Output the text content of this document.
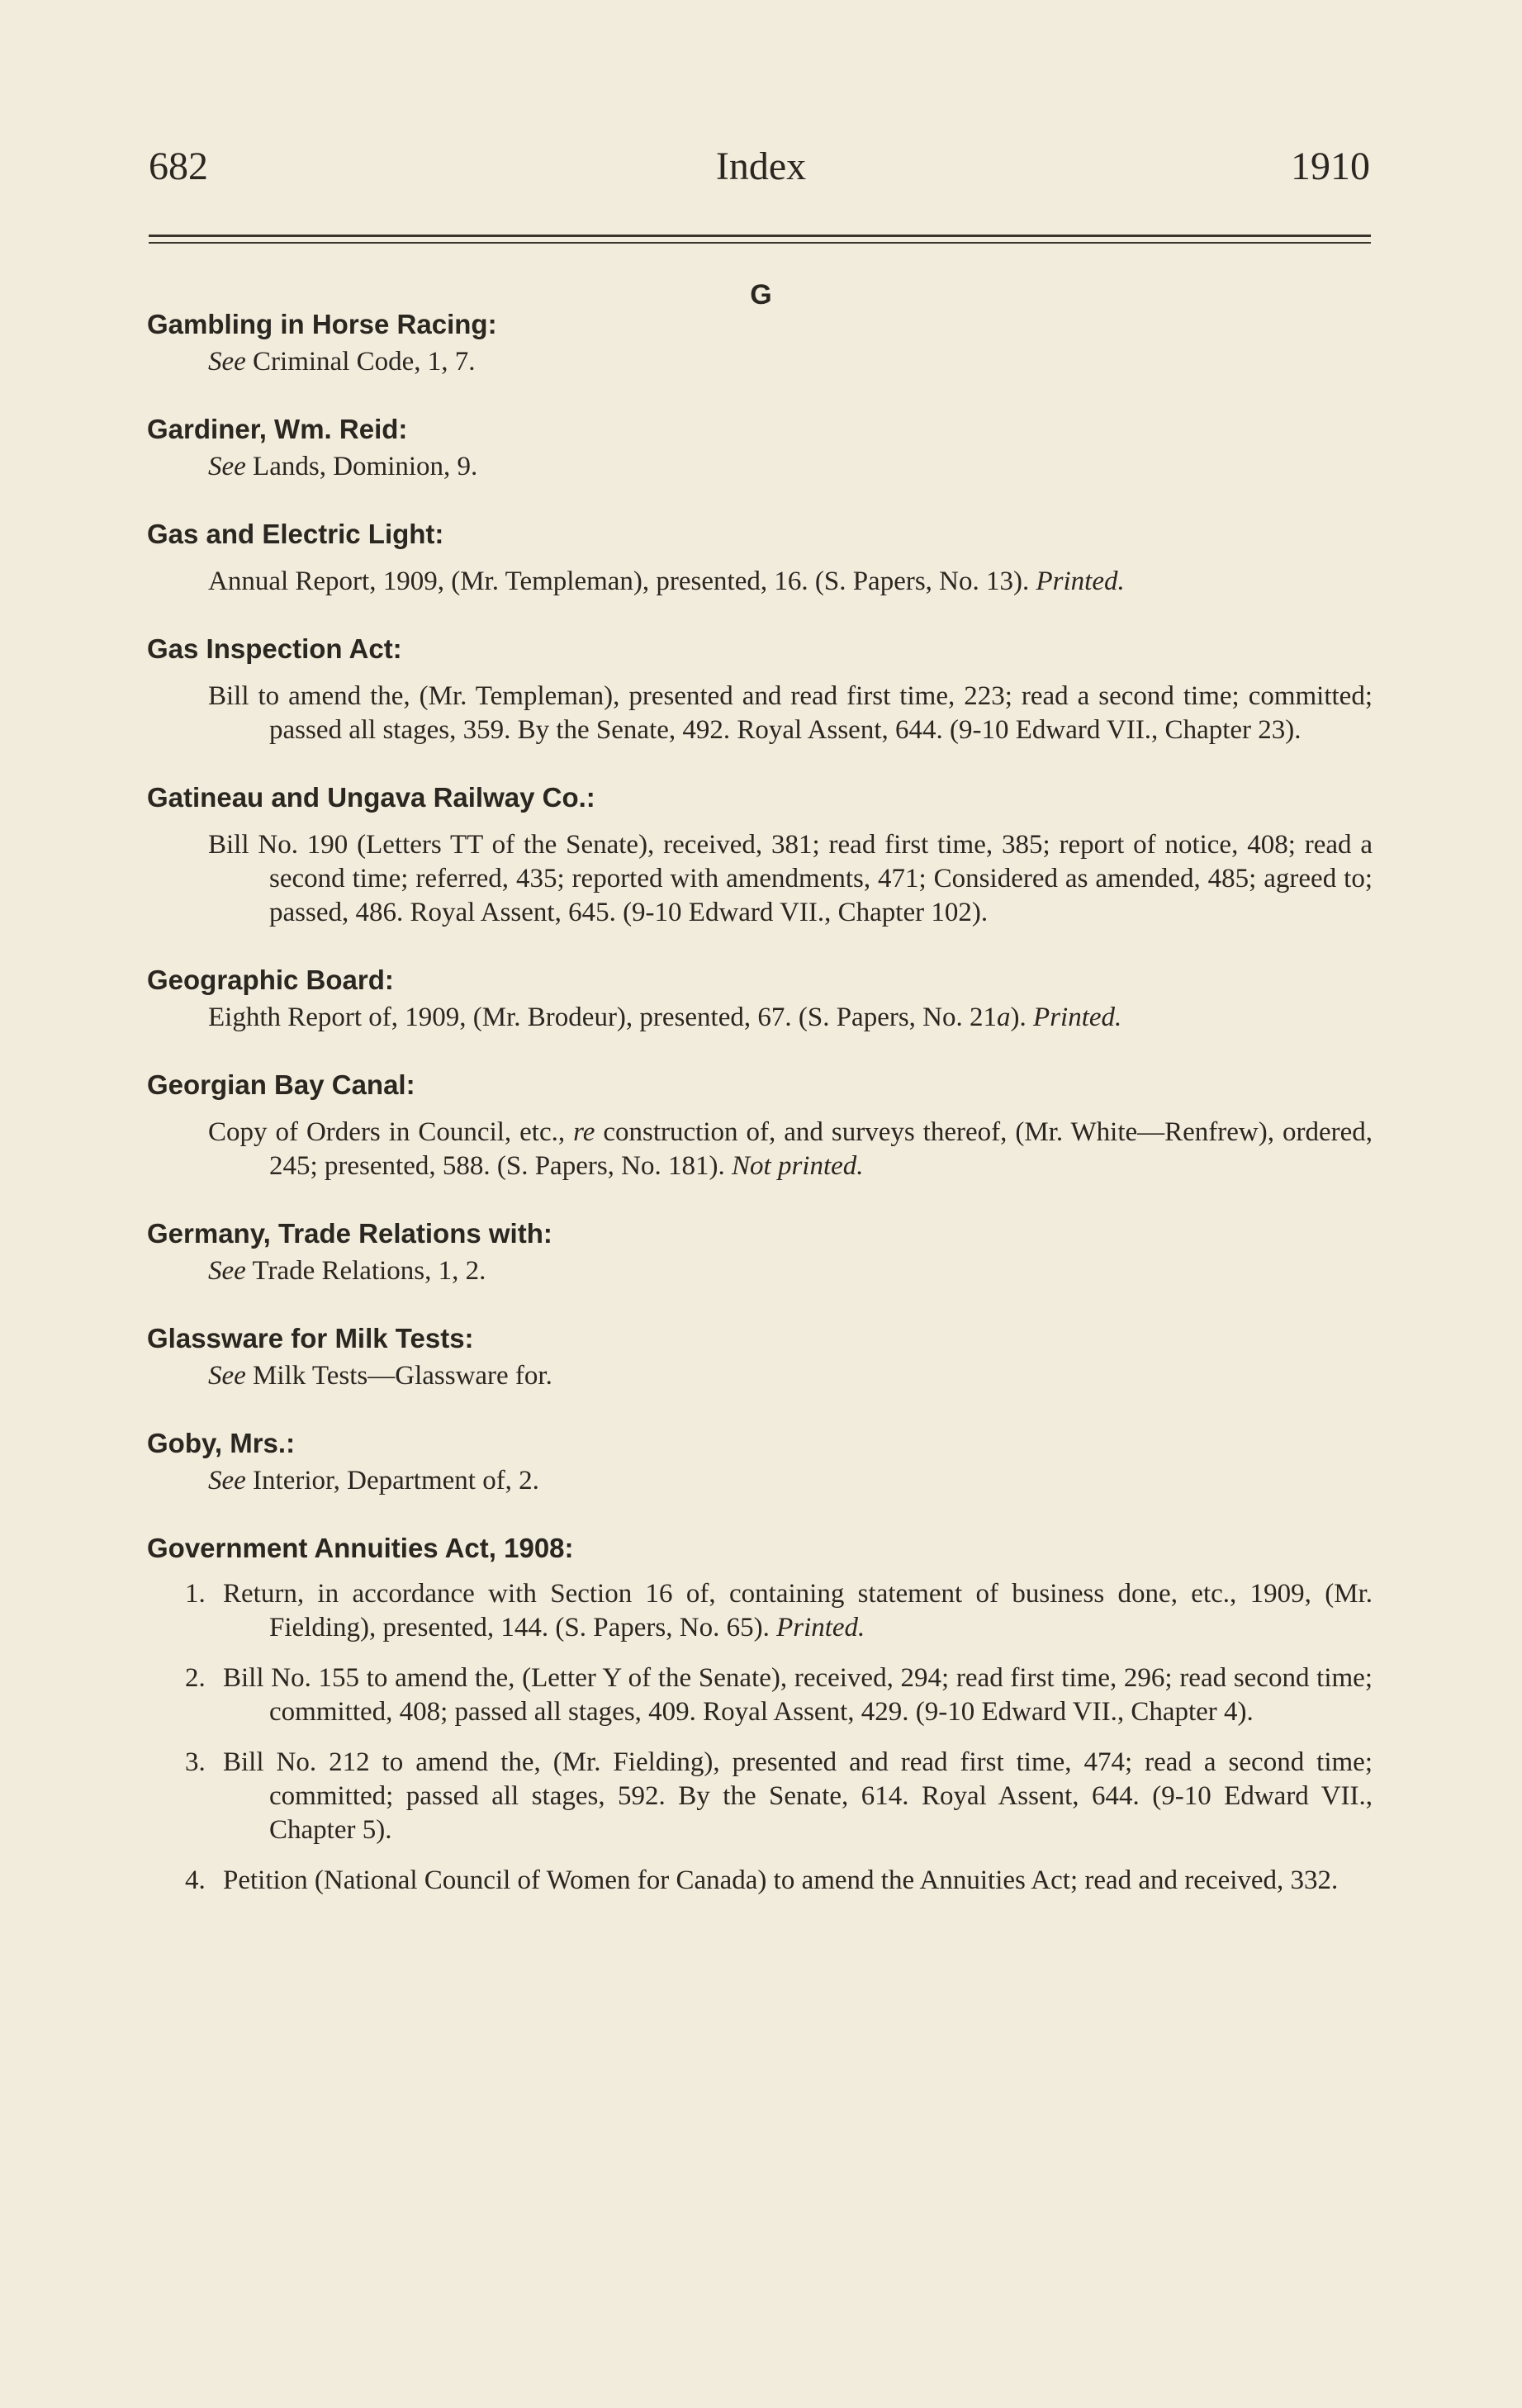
682	Index	1910
G
Gambling in Horse Racing:
See Criminal Code, 1, 7.
Gardiner, Wm. Reid:
See Lands, Dominion, 9.
Gas and Electric Light:
Annual Report, 1909, (Mr. Templeman), presented, 16. (S. Papers, No. 13). Printed.
Gas Inspection Act:
Bill to amend the, (Mr. Templeman), presented and read first time, 223; read a second time; committed; passed all stages, 359. By the Senate, 492. Royal Assent, 644. (9-10 Edward VII., Chapter 23).
Gatineau and Ungava Railway Co.:
Bill No. 190 (Letters TT of the Senate), received, 381; read first time, 385; report of notice, 408; read a second time; referred, 435; reported with amendments, 471; Considered as amended, 485; agreed to; passed, 486. Royal Assent, 645. (9-10 Edward VII., Chapter 102).
Geographic Board:
Eighth Report of, 1909, (Mr. Brodeur), presented, 67. (S. Papers, No. 21a). Printed.
Georgian Bay Canal:
Copy of Orders in Council, etc., re construction of, and surveys thereof, (Mr. White—Renfrew), ordered, 245; presented, 588. (S. Papers, No. 181). Not printed.
Germany, Trade Relations with:
See Trade Relations, 1, 2.
Glassware for Milk Tests:
See Milk Tests—Glassware for.
Goby, Mrs.:
See Interior, Department of, 2.
Government Annuities Act, 1908:
1. Return, in accordance with Section 16 of, containing statement of business done, etc., 1909, (Mr. Fielding), presented, 144. (S. Papers, No. 65). Printed.
2. Bill No. 155 to amend the, (Letter Y of the Senate), received, 294; read first time, 296; read second time; committed, 408; passed all stages, 409. Royal Assent, 429. (9-10 Edward VII., Chapter 4).
3. Bill No. 212 to amend the, (Mr. Fielding), presented and read first time, 474; read a second time; committed; passed all stages, 592. By the Senate, 614. Royal Assent, 644. (9-10 Edward VII., Chapter 5).
4. Petition (National Council of Women for Canada) to amend the Annuities Act; read and received, 332.
